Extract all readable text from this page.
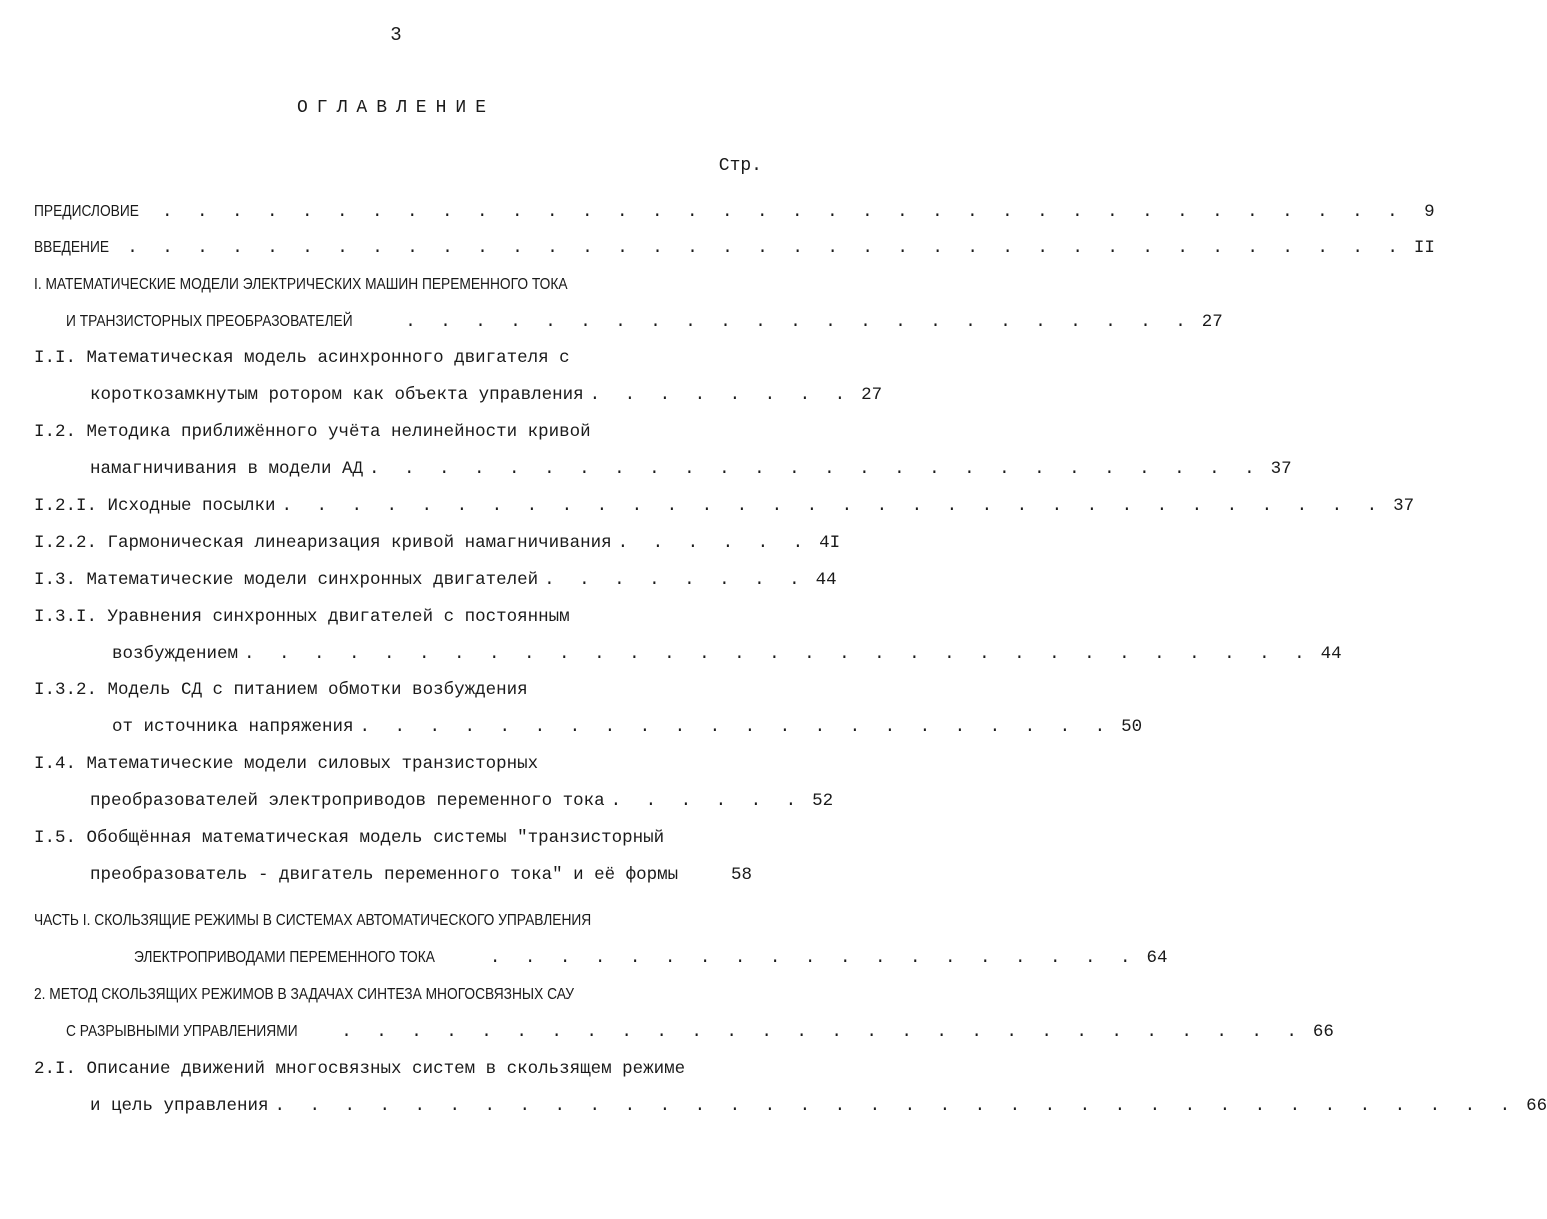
3
ОГЛАВЛЕНИЕ
Стр.
ПРЕДИСЛОВИЕ . . . . . . . . . . . . . . . . . . . . . . . . . . . . . . . . . . . .	9
ВВЕДЕНИЕ . . . . . . . . . . . . . . . . . . . . . . . . . . . . . . . . . . . . . II
I. МАТЕМАТИЧЕСКИЕ МОДЕЛИ ЭЛЕКТРИЧЕСКИХ МАШИН ПЕРЕМЕННОГО ТОКА
И ТРАНЗИСТОРНЫХ ПРЕОБРАЗОВАТЕЛЕЙ	. . . . . . . . . . . . . . . . . . . . . . . 27
I.I. Математическая модель асинхронного двигателя с
короткозамкнутым ротором как объекта управления . . . . . . . . 27
I.2. Методика приближённого учёта нелинейности кривой
намагничивания в модели АД . . . . . . . . . . . . . . . . . . . . . . . . . . 37
I.2.I. Исходные посылки . . . . . . . . . . . . . . . . . . . . . . . . . . . . . . . . 37
I.2.2. Гармоническая линеаризация кривой намагничивания . . . . . . 4I
I.3. Математические модели синхронных двигателей . . . . . . . . 44
I.3.I. Уравнения синхронных двигателей с постоянным
возбуждением . . . . . . . . . . . . . . . . . . . . . . . . . . . . . . . 44
I.3.2. Модель СД с питанием обмотки возбуждения
от источника напряжения . . . . . . . . . . . . . . . . . . . . . . 50
I.4. Математические модели силовых транзисторных
преобразователей электроприводов переменного тока . . . . . . 52
I.5. Обобщённая математическая модель системы "транзисторный
преобразователь - двигатель переменного тока" и её формы	58
ЧАСТЬ I. СКОЛЬЗЯЩИЕ РЕЖИМЫ В СИСТЕМАХ АВТОМАТИЧЕСКОГО УПРАВЛЕНИЯ
ЭЛЕКТРОПРИВОДАМИ ПЕРЕМЕННОГО ТОКА	. . . . . . . . . . . . . . . . . . . 64
2. МЕТОД СКОЛЬЗЯЩИХ РЕЖИМОВ В ЗАДАЧАХ СИНТЕЗА МНОГОСВЯЗНЫХ САУ
С РАЗРЫВНЫМИ УПРАВЛЕНИЯМИ . . . . . . . . . . . . . . . . . . . . . . . . . . . . 66
2.I. Описание движений многосвязных систем в скользящем режиме
и цель управления . . . . . . . . . . . . . . . . . . . . . . . . . . . . . . . . . . . . 66
